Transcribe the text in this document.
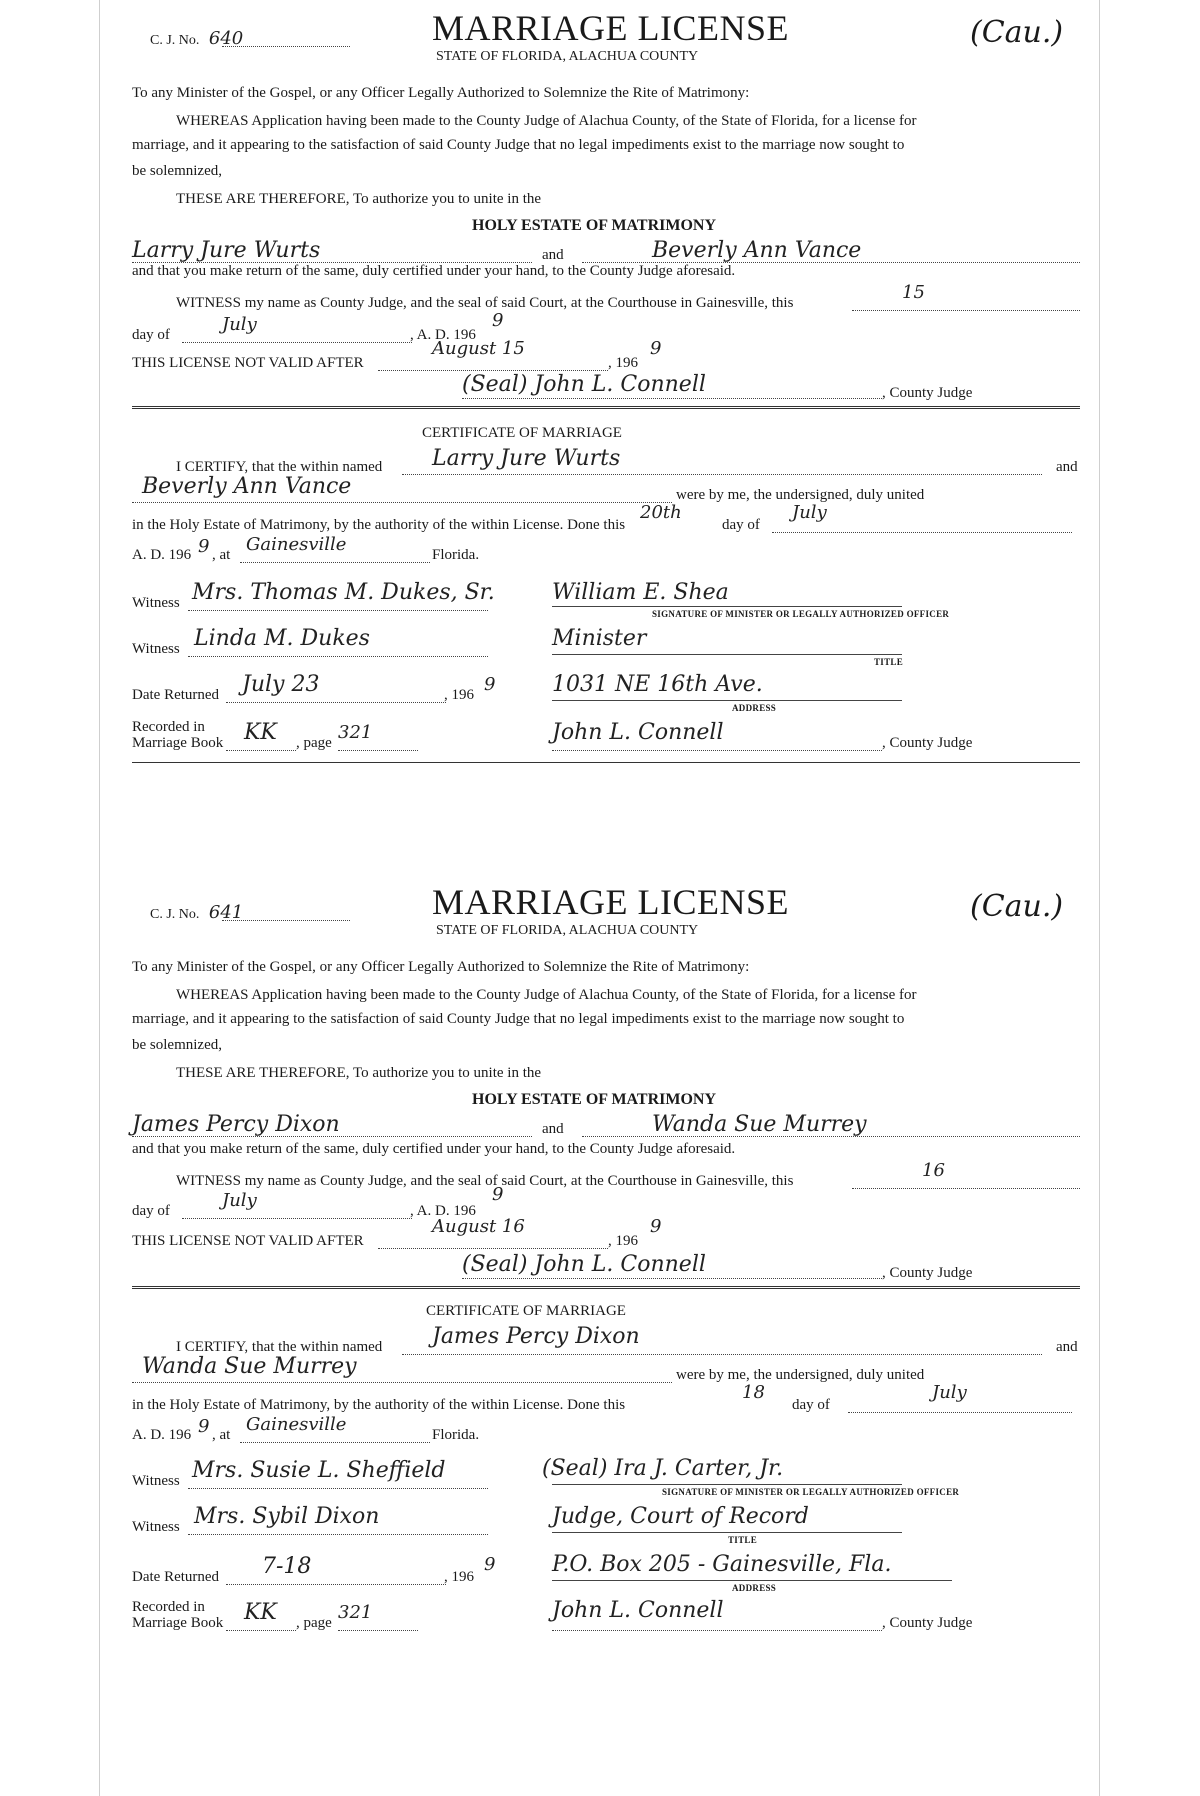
C. J. No. 640	MARRIAGE LICENSE	(Cau.)
STATE OF FLORIDA, ALACHUA COUNTY
To any Minister of the Gospel, or any Officer Legally Authorized to Solemnize the Rite of Matrimony:
WHEREAS Application having been made to the County Judge of Alachua County, of the State of Florida, for a license for
marriage, and it appearing to the satisfaction of said County Judge that no legal impediments exist to the marriage now sought to
be solemnized,
THESE ARE THEREFORE, To authorize you to unite in the
HOLY ESTATE OF MATRIMONY
Larry Jure Wurts	and	Beverly Ann Vance
and that you make return of the same, duly certified under your hand, to the County Judge aforesaid.
WITNESS my name as County Judge, and the seal of said Court, at the Courthouse in Gainesville, this	15
day of	July	, A. D. 196
9
THIS LICENSE NOT VALID AFTER
August 15
, 196
9
(Seal) John L. Connell	, County Judge
CERTIFICATE OF MARRIAGE
I CERTIFY, that the within named Larry Jure Wurts	and
Beverly Ann Vance	were by me, the undersigned, duly united
in the Holy Estate of Matrimony, by the authority of the within License. Done this
20th
day of
July
A. D. 196 9 , at Gainesville	Florida.
Witness Mrs. Thomas M. Dukes, Sr.	William E. Shea
SIGNATURE OF MINISTER OR LEGALLY AUTHORIZED OFFICER
Witness Linda M. Dukes	Minister
TITLE
Date Returned July 23	, 196 9	1031 NE 16th Ave.
ADDRESS
Recorded in
Marriage Book KK , page 321	John L. Connell	, County Judge
C. J. No. 641	MARRIAGE LICENSE	(Cau.)
STATE OF FLORIDA, ALACHUA COUNTY
To any Minister of the Gospel, or any Officer Legally Authorized to Solemnize the Rite of Matrimony:
WHEREAS Application having been made to the County Judge of Alachua County, of the State of Florida, for a license for
marriage, and it appearing to the satisfaction of said County Judge that no legal impediments exist to the marriage now sought to
be solemnized,
THESE ARE THEREFORE, To authorize you to unite in the
HOLY ESTATE OF MATRIMONY
James Percy Dixon	and	Wanda Sue Murrey
and that you make return of the same, duly certified under your hand, to the County Judge aforesaid.
WITNESS my name as County Judge, and the seal of said Court, at the Courthouse in Gainesville, this	16
day of	July	, A. D. 196
9
THIS LICENSE NOT VALID AFTER
August 16
, 196
9
(Seal) John L. Connell	, County Judge
CERTIFICATE OF MARRIAGE
I CERTIFY, that the within named James Percy Dixon	and
Wanda Sue Murrey	were by me, the undersigned, duly united
in the Holy Estate of Matrimony, by the authority of the within License. Done this
18
day of
July
A. D. 196 9 , at Gainesville	Florida.
Witness Mrs. Susie L. Sheffield	(Seal) Ira J. Carter, Jr.
SIGNATURE OF MINISTER OR LEGALLY AUTHORIZED OFFICER
Witness Mrs. Sybil Dixon	Judge, Court of Record
TITLE
Date Returned 7-18	, 196
9	P.O. Box 205 - Gainesville, Fla.
ADDRESS
Recorded in
Marriage Book KK , page 321	John L. Connell	, County Judge
